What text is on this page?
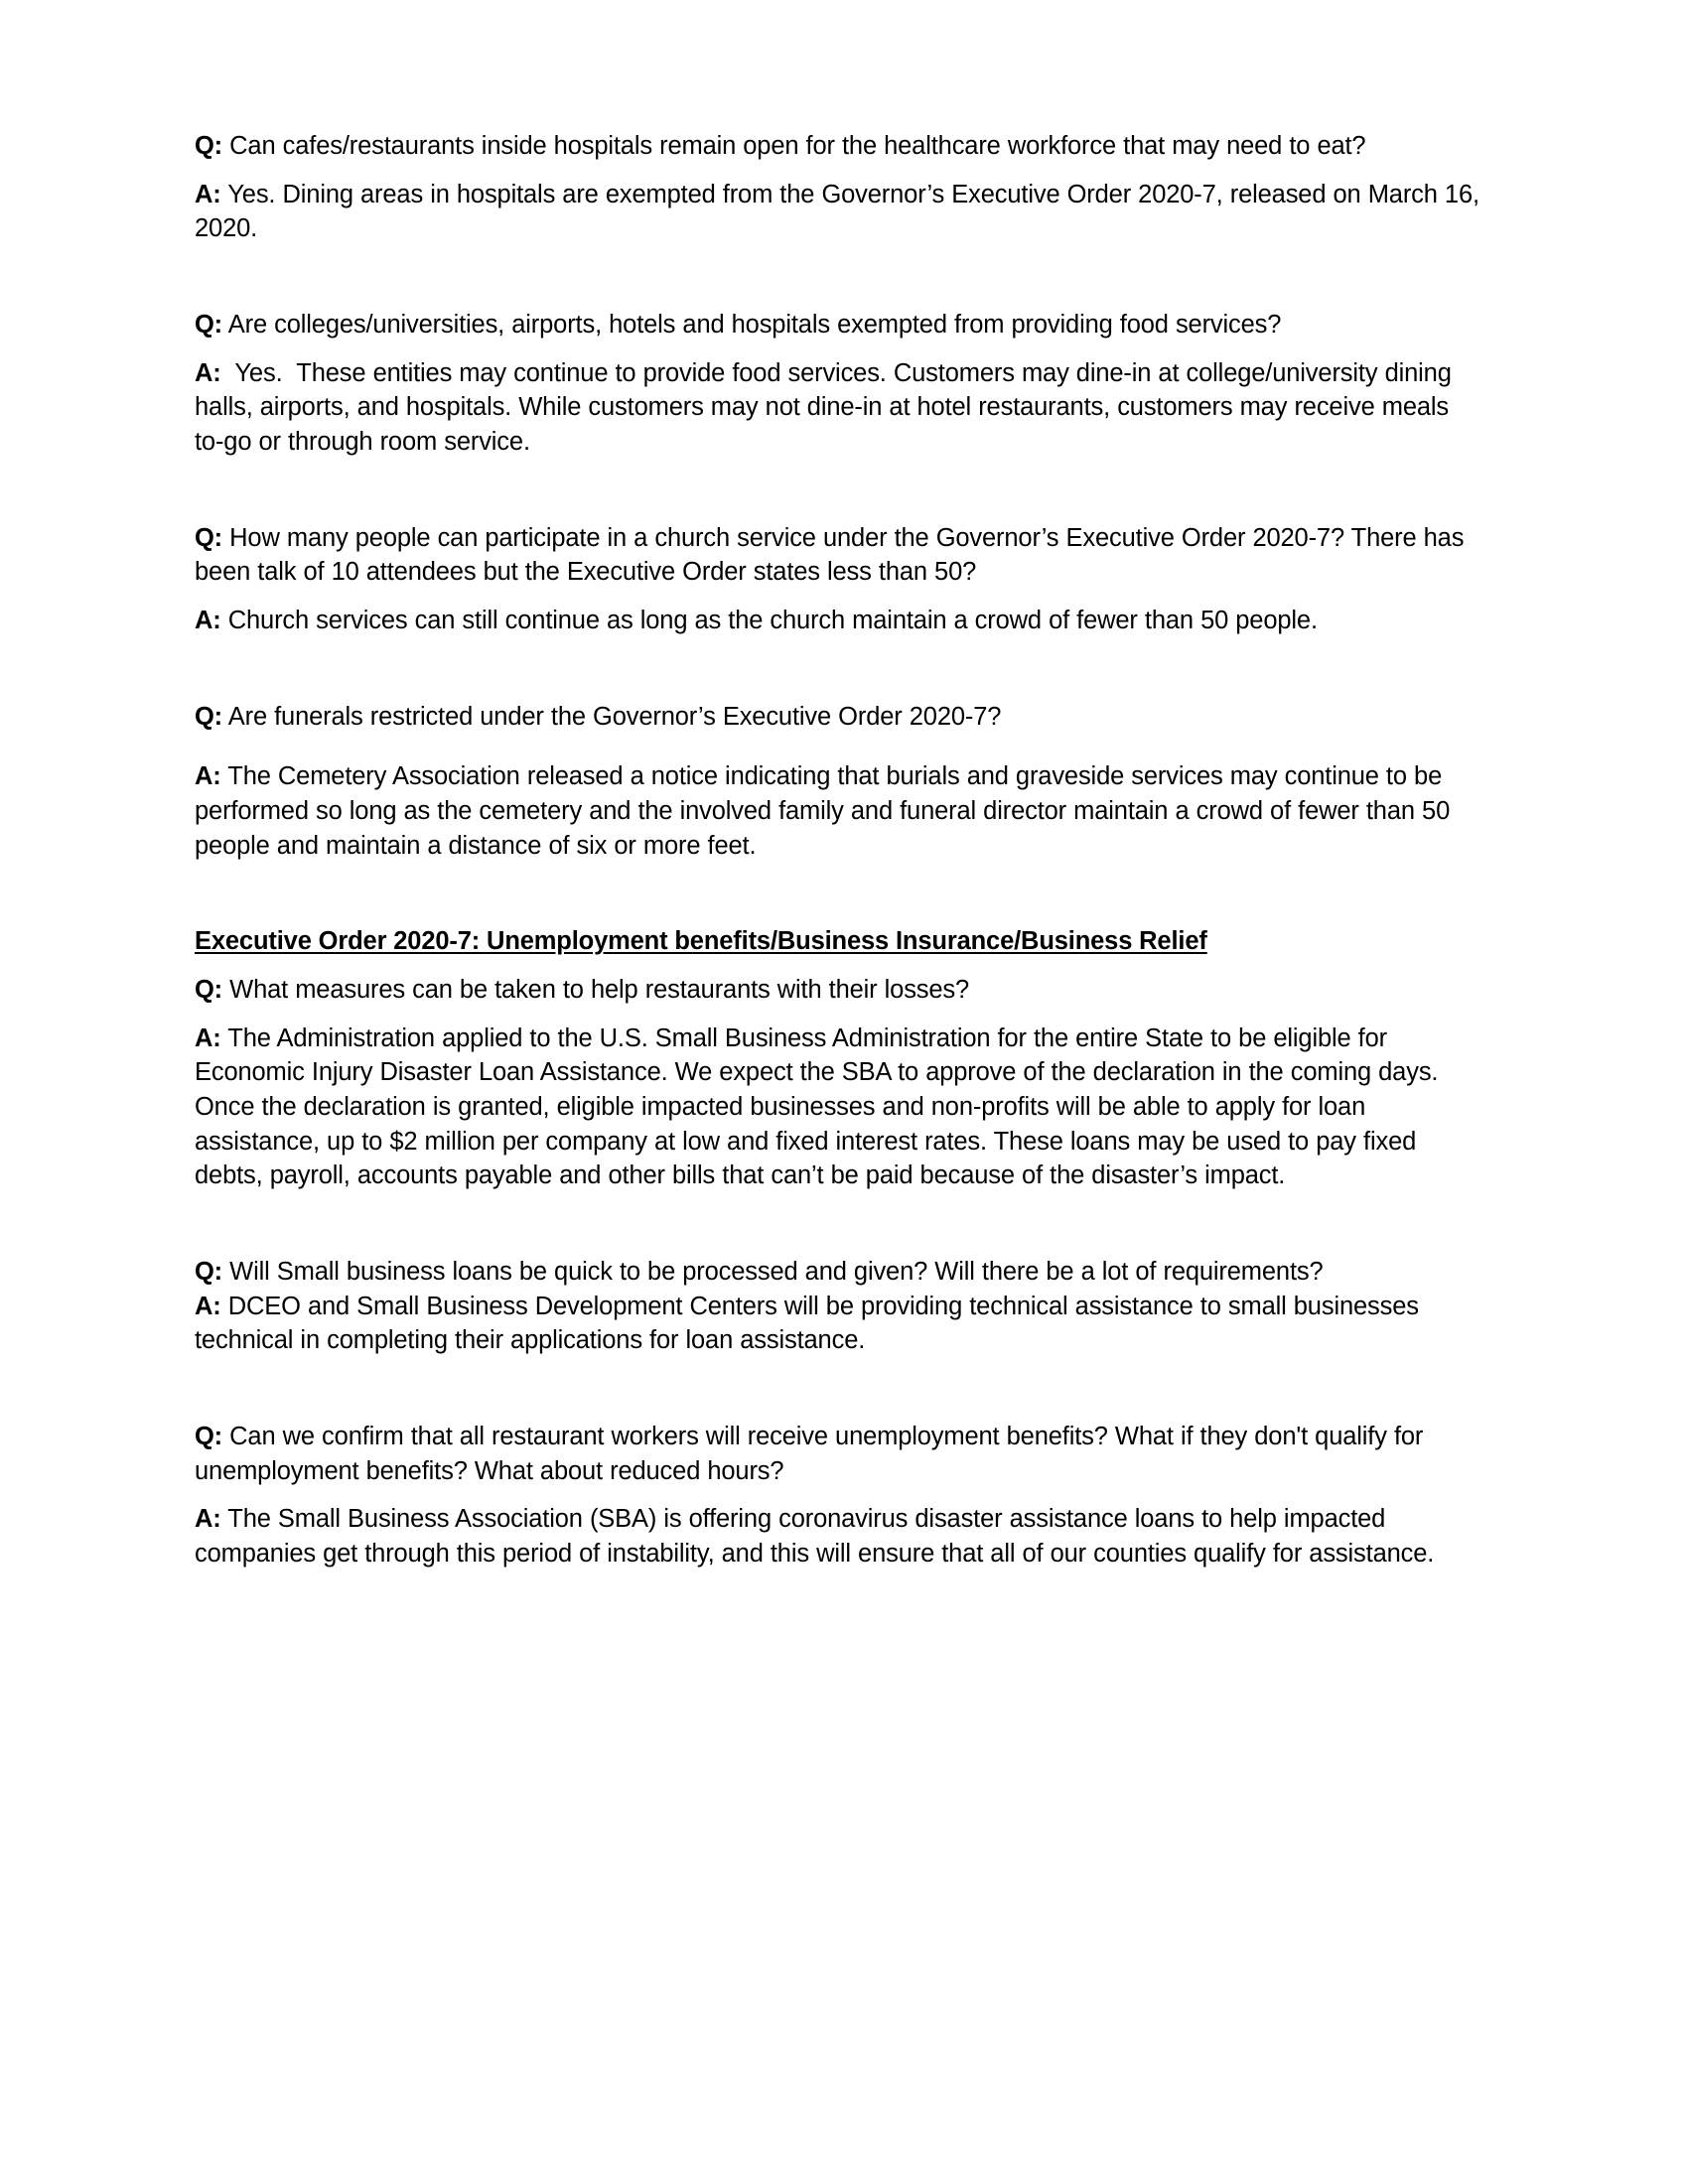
Q: Can cafes/restaurants inside hospitals remain open for the healthcare workforce that may need to eat?

A: Yes. Dining areas in hospitals are exempted from the Governor’s Executive Order 2020-7, released on March 16, 2020.

Q: Are colleges/universities, airports, hotels and hospitals exempted from providing food services?

A:  Yes.  These entities may continue to provide food services. Customers may dine-in at college/university dining halls, airports, and hospitals. While customers may not dine-in at hotel restaurants, customers may receive meals to-go or through room service.

Q: How many people can participate in a church service under the Governor’s Executive Order 2020-7? There has been talk of 10 attendees but the Executive Order states less than 50?

A: Church services can still continue as long as the church maintain a crowd of fewer than 50 people.

Q: Are funerals restricted under the Governor’s Executive Order 2020-7?

A: The Cemetery Association released a notice indicating that burials and graveside services may continue to be performed so long as the cemetery and the involved family and funeral director maintain a crowd of fewer than 50 people and maintain a distance of six or more feet.

Executive Order 2020-7: Unemployment benefits/Business Insurance/Business Relief

Q: What measures can be taken to help restaurants with their losses?

A: The Administration applied to the U.S. Small Business Administration for the entire State to be eligible for Economic Injury Disaster Loan Assistance. We expect the SBA to approve of the declaration in the coming days. Once the declaration is granted, eligible impacted businesses and non-profits will be able to apply for loan assistance, up to $2 million per company at low and fixed interest rates. These loans may be used to pay fixed debts, payroll, accounts payable and other bills that can’t be paid because of the disaster’s impact.

Q: Will Small business loans be quick to be processed and given? Will there be a lot of requirements?

A: DCEO and Small Business Development Centers will be providing technical assistance to small businesses technical in completing their applications for loan assistance.

Q: Can we confirm that all restaurant workers will receive unemployment benefits? What if they don't qualify for unemployment benefits? What about reduced hours?

A: The Small Business Association (SBA) is offering coronavirus disaster assistance loans to help impacted companies get through this period of instability, and this will ensure that all of our counties qualify for assistance.
